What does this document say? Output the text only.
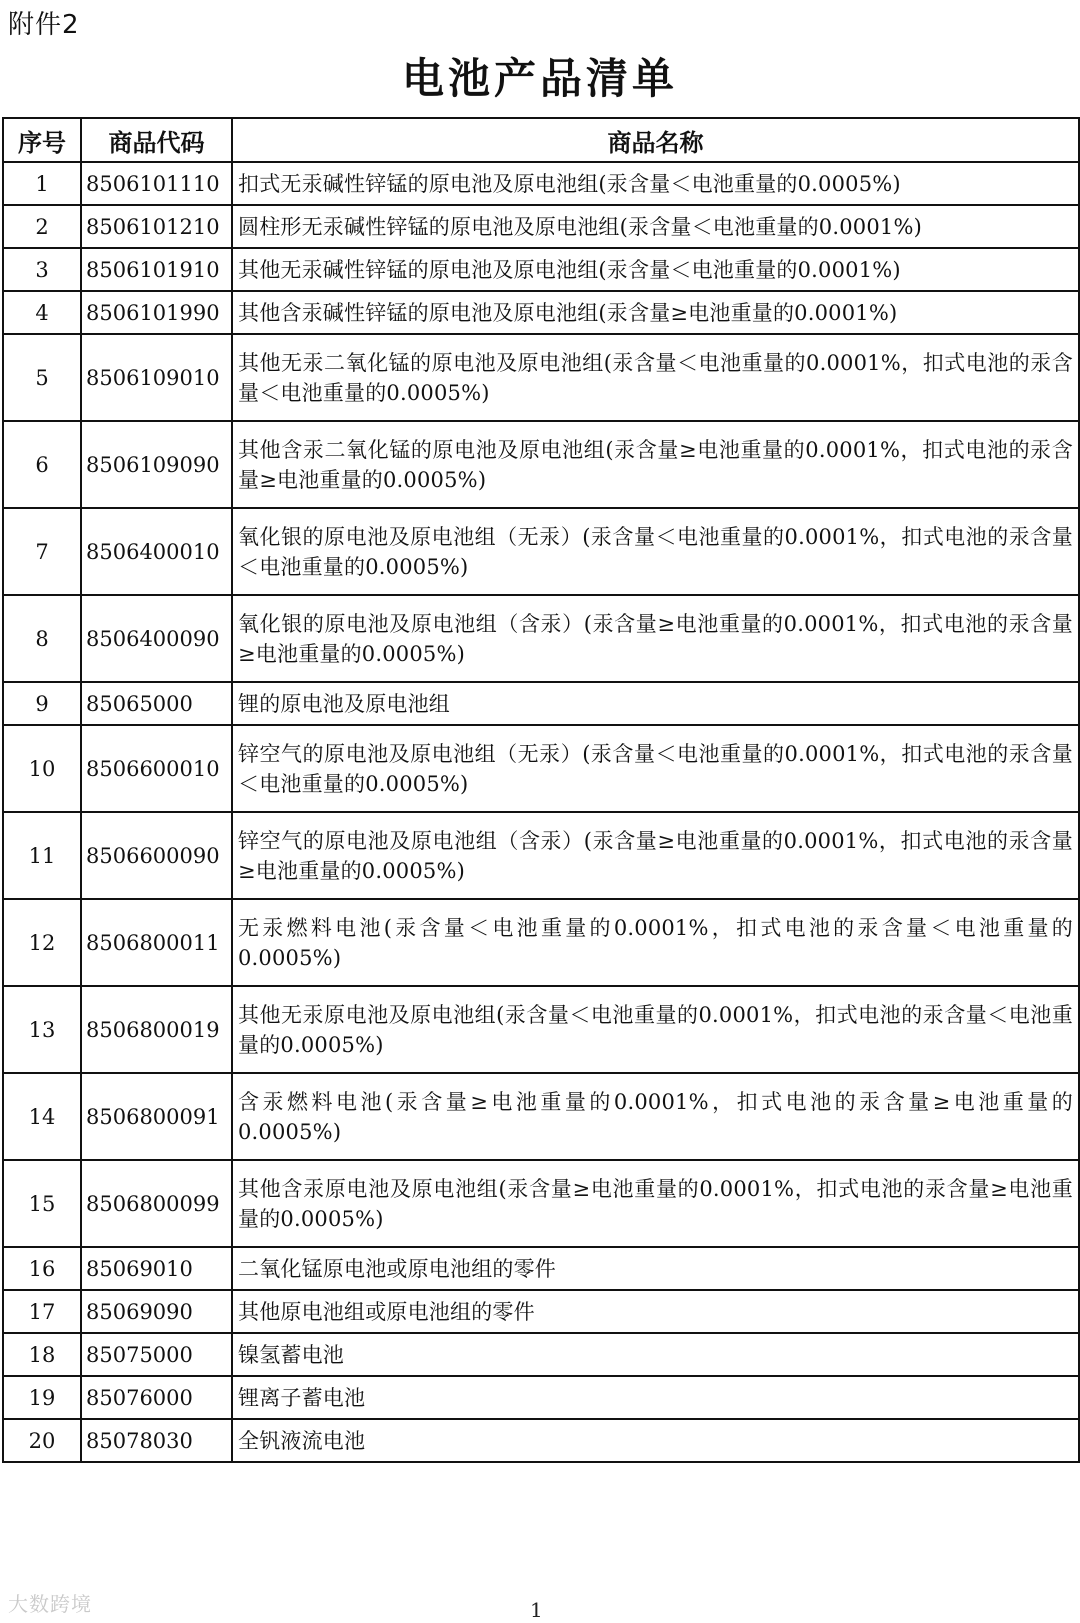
附件2
电池产品清单
序号	商品代码	商品名称
1	8506101110	扣式无汞碱性锌锰的原电池及原电池组(汞含量＜电池重量的0.0005%)
2	8506101210	圆柱形无汞碱性锌锰的原电池及原电池组(汞含量＜电池重量的0.0001%)
3	8506101910	其他无汞碱性锌锰的原电池及原电池组(汞含量＜电池重量的0.0001%)
4	8506101990	其他含汞碱性锌锰的原电池及原电池组(汞含量≥电池重量的0.0001%)
5	8506109010	其他无汞二氧化锰的原电池及原电池组(汞含量＜电池重量的0.0001%，扣式电池的汞含量＜电池重量的0.0005%)
6	8506109090	其他含汞二氧化锰的原电池及原电池组(汞含量≥电池重量的0.0001%，扣式电池的汞含量≥电池重量的0.0005%)
7	8506400010	氧化银的原电池及原电池组（无汞）(汞含量＜电池重量的0.0001%，扣式电池的汞含量＜电池重量的0.0005%)
8	8506400090	氧化银的原电池及原电池组（含汞）(汞含量≥电池重量的0.0001%，扣式电池的汞含量≥电池重量的0.0005%)
9	85065000	锂的原电池及原电池组
10	8506600010	锌空气的原电池及原电池组（无汞）(汞含量＜电池重量的0.0001%，扣式电池的汞含量＜电池重量的0.0005%)
11	8506600090	锌空气的原电池及原电池组（含汞）(汞含量≥电池重量的0.0001%，扣式电池的汞含量≥电池重量的0.0005%)
12	8506800011	无汞燃料电池(汞含量＜电池重量的0.0001%，扣式电池的汞含量＜电池重量的0.0005%)
13	8506800019	其他无汞原电池及原电池组(汞含量＜电池重量的0.0001%，扣式电池的汞含量＜电池重量的0.0005%)
14	8506800091	含汞燃料电池(汞含量≥电池重量的0.0001%，扣式电池的汞含量≥电池重量的0.0005%)
15	8506800099	其他含汞原电池及原电池组(汞含量≥电池重量的0.0001%，扣式电池的汞含量≥电池重量的0.0005%)
16	85069010	二氧化锰原电池或原电池组的零件
17	85069090	其他原电池组或原电池组的零件
18	85075000	镍氢蓄电池
19	85076000	锂离子蓄电池
20	85078030	全钒液流电池
大数跨境	1
